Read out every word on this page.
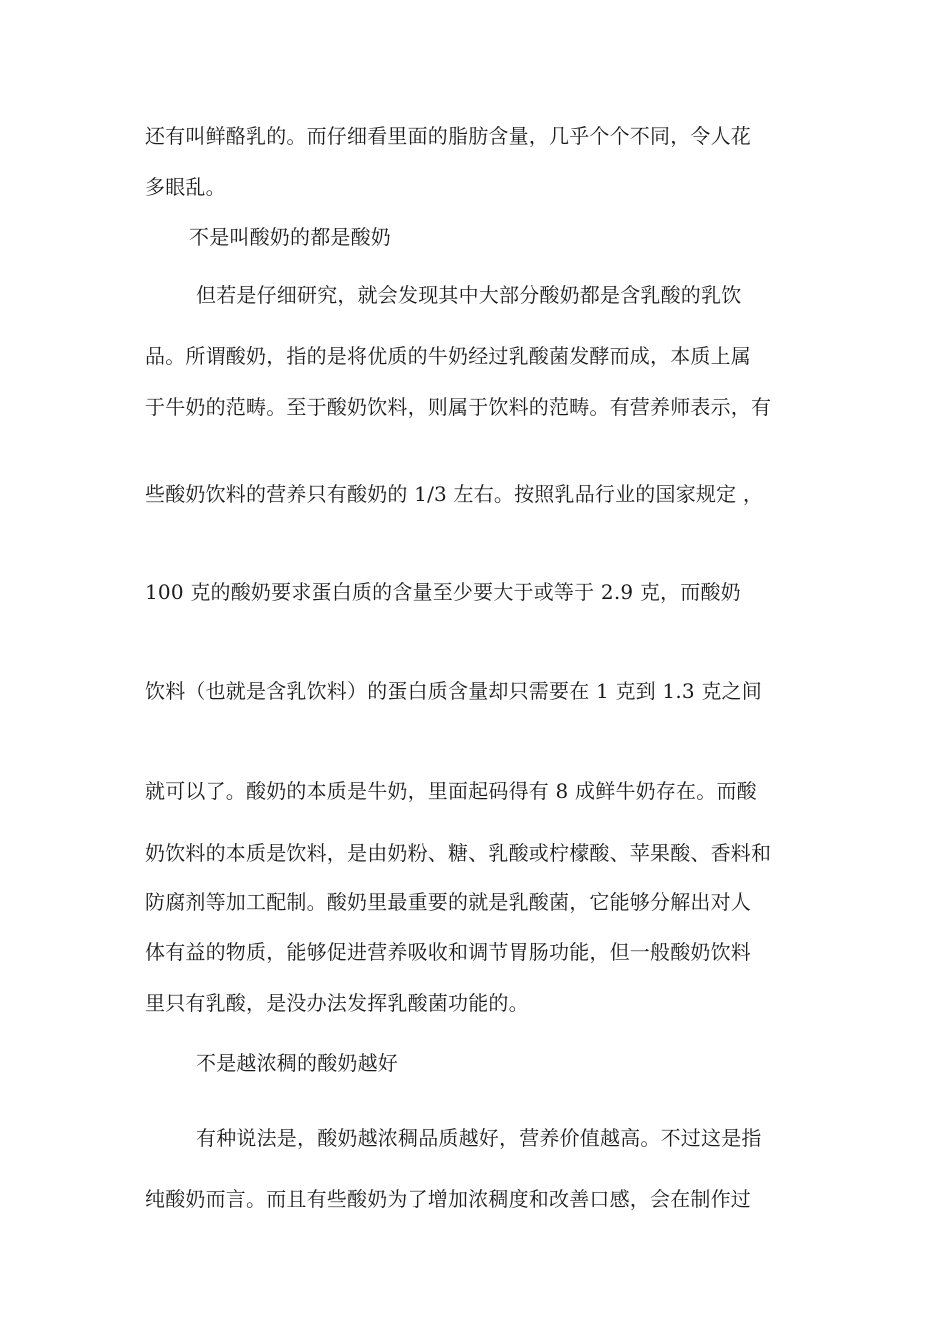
还有叫鲜酪乳的。而仔细看里面的脂肪含量，几乎个个不同，令人花
多眼乱。
不是叫酸奶的都是酸奶
但若是仔细研究，就会发现其中大部分酸奶都是含乳酸的乳饮
品。所谓酸奶，指的是将优质的牛奶经过乳酸菌发酵而成，本质上属
于牛奶的范畴。至于酸奶饮料，则属于饮料的范畴。有营养师表示，有
些酸奶饮料的营养只有酸奶的 1/3 左右。按照乳品行业的国家规定 ，
100 克的酸奶要求蛋白质的含量至少要大于或等于 2.9 克，而酸奶
饮料（也就是含乳饮料）的蛋白质含量却只需要在 1 克到 1.3 克之间
就可以了。酸奶的本质是牛奶，里面起码得有 8 成鲜牛奶存在。而酸
奶饮料的本质是饮料，是由奶粉、糖、乳酸或柠檬酸、苹果酸、香料和
防腐剂等加工配制。酸奶里最重要的就是乳酸菌，它能够分解出对人
体有益的物质，能够促进营养吸收和调节胃肠功能，但一般酸奶饮料
里只有乳酸，是没办法发挥乳酸菌功能的。
不是越浓稠的酸奶越好
有种说法是，酸奶越浓稠品质越好，营养价值越高。不过这是指
纯酸奶而言。而且有些酸奶为了增加浓稠度和改善口感，会在制作过
